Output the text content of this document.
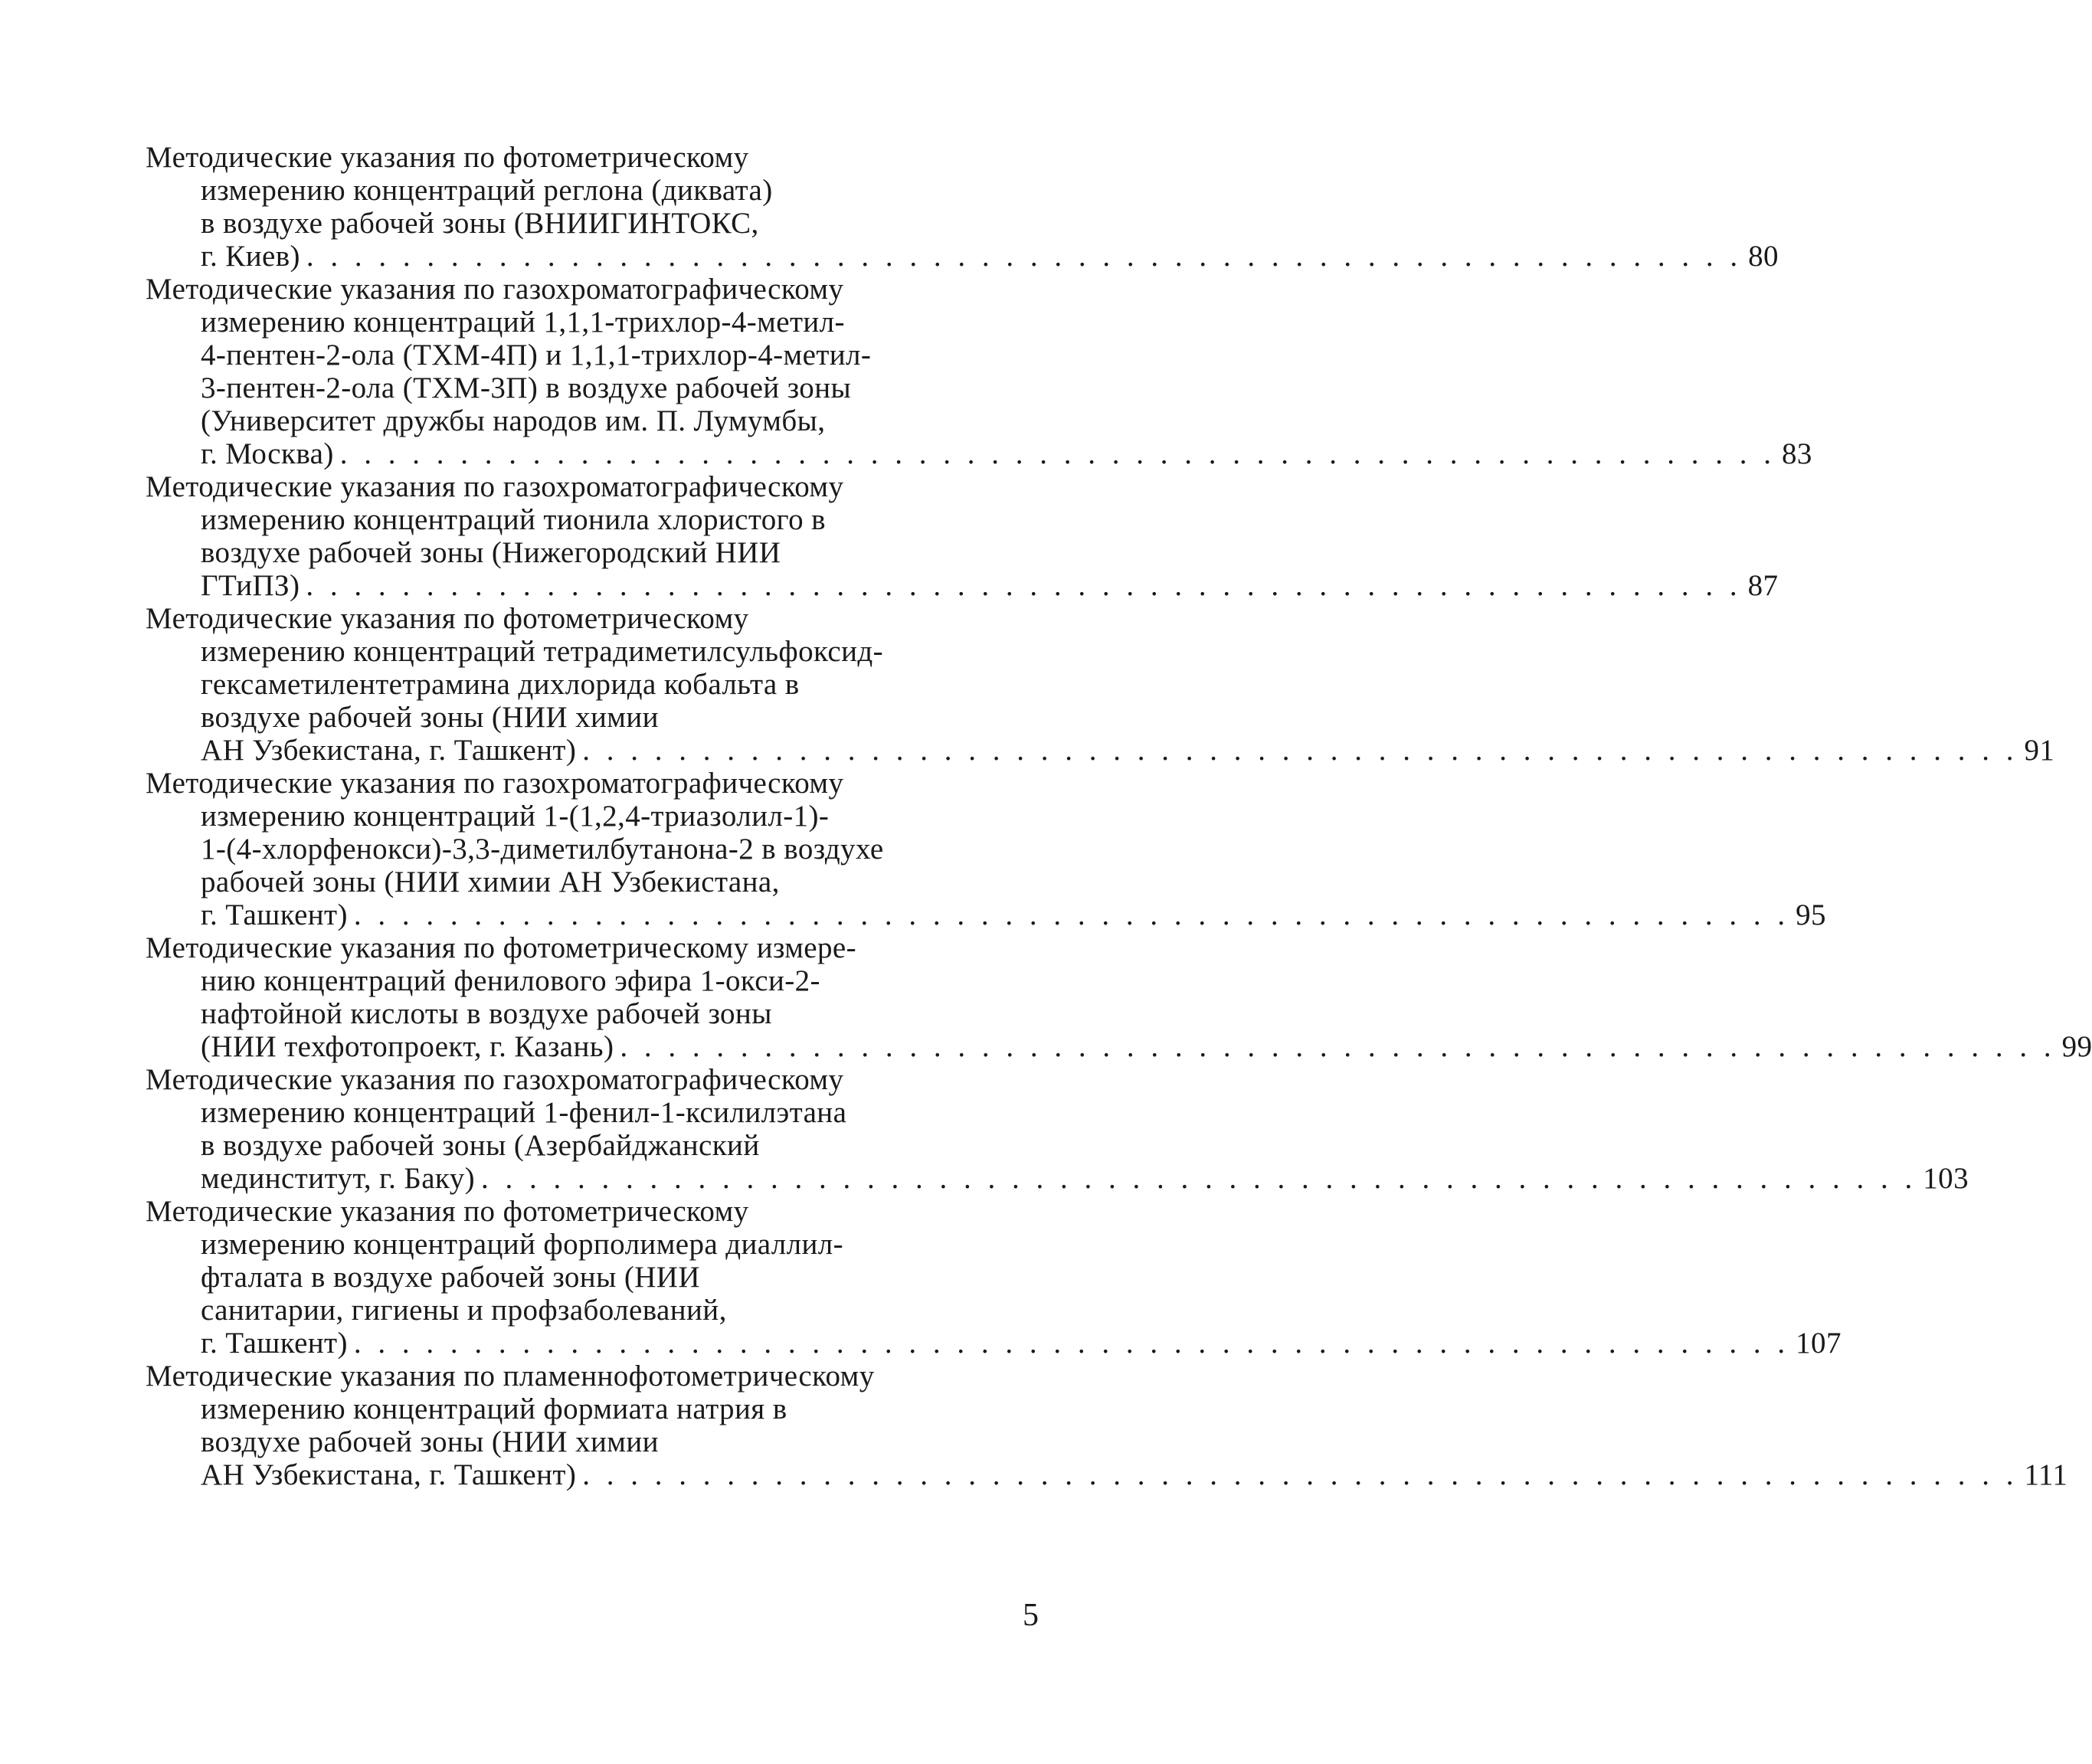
Методические указания по фотометрическому
измерению концентраций реглона (диквата)
в воздухе рабочей зоны (ВНИИГИНТОКС,
г. Киев) . . . . . . . . . . . . . . . . . . . . . . . . . . . . . . . . . . . . . . . . . . . . . . . . . . . . . . . . . . . . 80
Методические указания по газохроматографическому
измерению концентраций 1,1,1-трихлор-4-метил-
4-пентен-2-ола (ТХМ-4П) и 1,1,1-трихлор-4-метил-
3-пентен-2-ола (ТХМ-3П) в воздухе рабочей зоны
(Университет дружбы народов им. П. Лумумбы,
г. Москва) . . . . . . . . . . . . . . . . . . . . . . . . . . . . . . . . . . . . . . . . . . . . . . . . . . . . . . . . . . . . 83
Методические указания по газохроматографическому
измерению концентраций тионила хлористого в
воздухе рабочей зоны (Нижегородский НИИ
ГТиПЗ) . . . . . . . . . . . . . . . . . . . . . . . . . . . . . . . . . . . . . . . . . . . . . . . . . . . . . . . . . . . . 87
Методические указания по фотометрическому
измерению концентраций тетрадиметилсульфоксид-
гексаметилентетрамина дихлорида кобальта в
воздухе рабочей зоны (НИИ химии
АН Узбекистана, г. Ташкент) . . . . . . . . . . . . . . . . . . . . . . . . . . . . . . . . . . . . . . . . . . . . . . . . . . . . . . . . . . . . 91
Методические указания по газохроматографическому
измерению концентраций 1-(1,2,4-триазолил-1)-
1-(4-хлорфенокси)-3,3-диметилбутанона-2 в воздухе
рабочей зоны (НИИ химии АН Узбекистана,
г. Ташкент) . . . . . . . . . . . . . . . . . . . . . . . . . . . . . . . . . . . . . . . . . . . . . . . . . . . . . . . . . . . . 95
Методические указания по фотометрическому измере-
нию концентраций фенилового эфира 1-окси-2-
нафтойной кислоты в воздухе рабочей зоны
(НИИ техфотопроект, г. Казань) . . . . . . . . . . . . . . . . . . . . . . . . . . . . . . . . . . . . . . . . . . . . . . . . . . . . . . . . . . . . 99
Методические указания по газохроматографическому
измерению концентраций 1-фенил-1-ксилилэтана
в воздухе рабочей зоны (Азербайджанский
мединститут, г. Баку) . . . . . . . . . . . . . . . . . . . . . . . . . . . . . . . . . . . . . . . . . . . . . . . . . . . . . . . . . . . . 103
Методические указания по фотометрическому
измерению концентраций форполимера диаллил-
фталата в воздухе рабочей зоны (НИИ
санитарии, гигиены и профзаболеваний,
г. Ташкент) . . . . . . . . . . . . . . . . . . . . . . . . . . . . . . . . . . . . . . . . . . . . . . . . . . . . . . . . . . . . 107
Методические указания по пламеннофотометрическому
измерению концентраций формиата натрия в
воздухе рабочей зоны (НИИ химии
АН Узбекистана, г. Ташкент) . . . . . . . . . . . . . . . . . . . . . . . . . . . . . . . . . . . . . . . . . . . . . . . . . . . . . . . . . . . . 111
5
